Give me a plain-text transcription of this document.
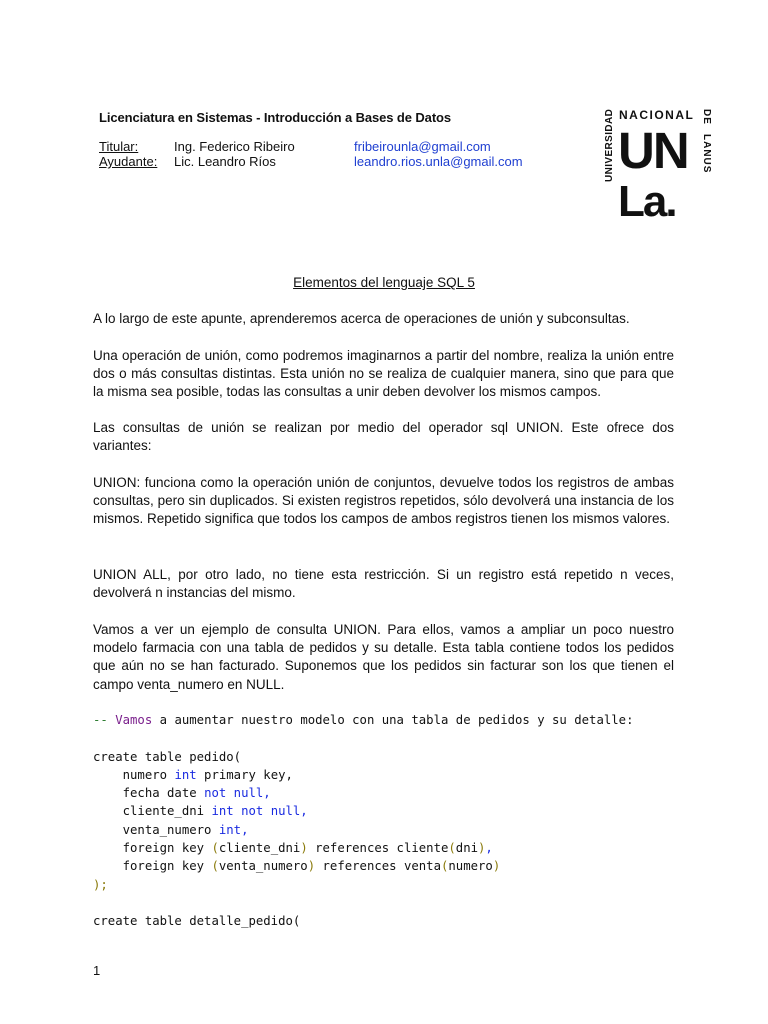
Licenciatura en Sistemas - Introducción a Bases de Datos
Titular:	Ing. Federico Ribeiro	fribeirounla@gmail.com
Ayudante: Lic. Leandro Ríos	leandro.rios.unla@gmail.com	UNIVERSIDAD NACIONAL DE
LANUS
UN
La.
Elementos del lenguaje SQL 5
A lo largo de este apunte, aprenderemos acerca de operaciones de unión y subconsultas.
Una operación de unión, como podremos imaginarnos a partir del nombre, realiza la unión entre dos o más consultas distintas. Esta unión no se realiza de cualquier manera, sino que para que la misma sea posible, todas las consultas a unir deben devolver los mismos campos.
Las consultas de unión se realizan por medio del operador sql UNION. Este ofrece dos variantes:
UNION: funciona como la operación unión de conjuntos, devuelve todos los registros de ambas consultas, pero sin duplicados. Si existen registros repetidos, sólo devolverá una instancia de los mismos. Repetido significa que todos los campos de ambos registros tienen los mismos valores.
UNION ALL, por otro lado, no tiene esta restricción. Si un registro está repetido n veces, devolverá n instancias del mismo.
Vamos a ver un ejemplo de consulta UNION. Para ellos, vamos a ampliar un poco nuestro modelo farmacia con una tabla de pedidos y su detalle. Esta tabla contiene todos los pedidos que aún no se han facturado. Suponemos que los pedidos sin facturar son los que tienen el campo venta_numero en NULL.
-- Vamos a aumentar nuestro modelo con una tabla de pedidos y su detalle:

create table pedido(
numero int primary key,
fecha date not null,
cliente_dni int not null,
venta_numero int,
foreign key (cliente_dni) references cliente(dni),
foreign key (venta_numero) references venta(numero)
);

create table detalle_pedido(
1
